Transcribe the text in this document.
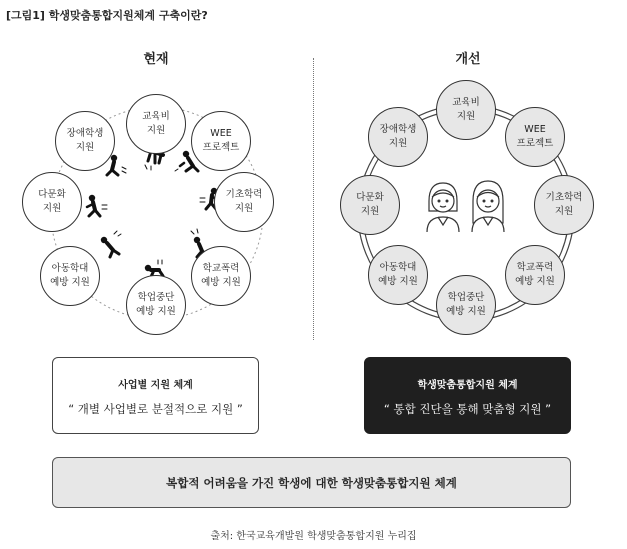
[그림1] 학생맞춤통합지원체계 구축이란?
현재	개선
교육비
지원	WEE
프로젝트
기초학력
지원
학교폭력
예방 지원
학업중단
예방 지원
아동학대
예방 지원
다문화
지원
장애학생
지원
교육비
지원
WEE
프로젝트
기초학력
지원
학교폭력
예방 지원
학업중단
예방 지원
아동학대
예방 지원
다문화
지원
장애학생
지원
사업별 지원 체계
“ 개별 사업별로 분절적으로 지원 ”
학생맞춤통합지원 체계
“ 통합 진단을 통해 맞춤형 지원 ”
복합적 어려움을 가진 학생에 대한 학생맞춤통합지원 체계
출처: 한국교육개발원 학생맞춤통합지원 누리집
